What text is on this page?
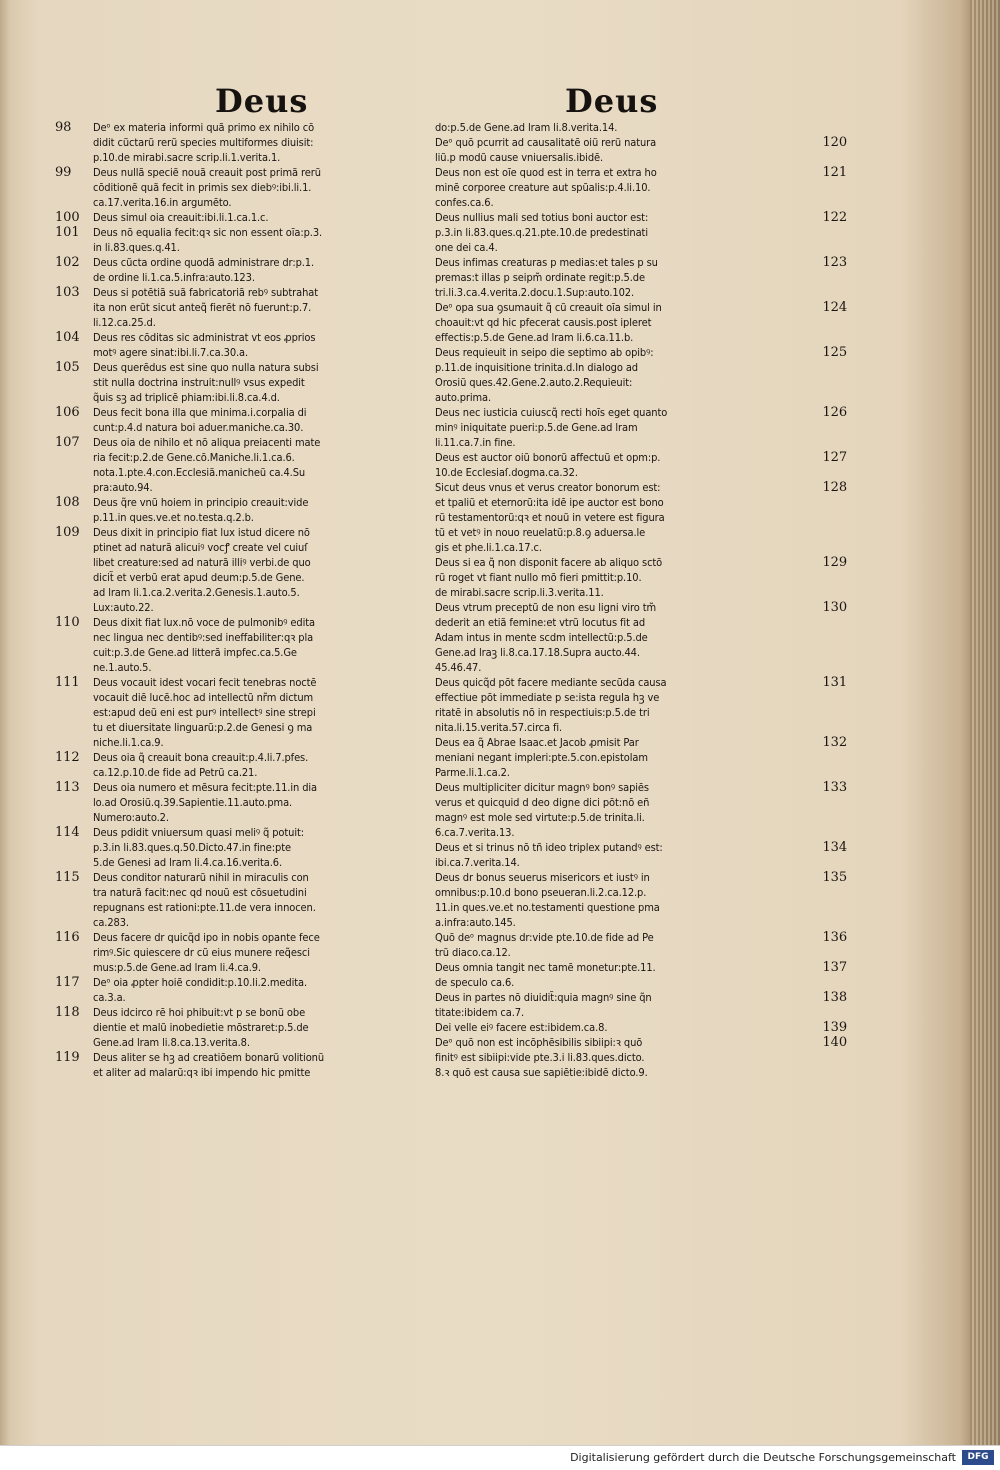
Deus	Deus
98 Deᵒ ex materia informi quã primo ex nihilo cō
didit cũctarũ rerũ species multiformes diuisit:
p.10.de mirabi.sacre scrip.li.1.verita.1.
99 Deus nullã speciẽ nouã creauit post primã rerũ
cōditionẽ quã fecit in primis sex diebꝰ:ibi.li.1.
ca.17.verita.16.in argumēto.
100 Deus simul oia creauit:ibi.li.1.ca.1.c.
101 Deus nō equalia fecit:qꝛ sic non essent oīa:p.3.
in li.83.ques.q.41.
102 Deus cũcta ordine quodã administrare dr:p.1.
de ordine li.1.ca.5.infra:auto.123.
103 Deus si potētiã suã fabricatoriã rebꝰ subtrahat
ita non erũt sicut anteq̃ fierēt nō fuerunt:p.7.
li.12.ca.25.d.
104 Deus res cōditas sic administrat vt eos ꝓprios
motꝰ agere sinat:ibi.li.7.ca.30.a.
105 Deus querēdus est sine quo nulla natura subsi
stit nulla doctrina instruit:nullꝰ vsus expedit
q̃uis sꝫ ad triplicē phiam:ibi.li.8.ca.4.d.
106 Deus fecit bona illa que minima.i.corpalia di
cunt:p.4.d natura boi aduer.maniche.ca.30.
107 Deus oia de nihilo et nō aliqua preiacenti mate
ria fecit:p.2.de Gene.cō.Maniche.li.1.ca.6.
nota.1.pte.4.con.Ecclesiã.manicheũ ca.4.Su
pra:auto.94.
108 Deus q̃re vnũ hoiem in principio creauit:vide
p.11.in ques.ve.et no.testa.q.2.b.
109 Deus dixit in principio fiat lux istud dicere nō
ptinet ad naturã alicuiꝰ vocꝭ create vel cuiuſ
libet creature:sed ad naturã illiꝰ verbi.de quo
dicit̃ et verbũ erat apud deum:p.5.de Gene.
ad lram li.1.ca.2.verita.2.Genesis.1.auto.5.
Lux:auto.22.
110 Deus dixit fiat lux.nō voce de pulmonibꝰ edita
nec lingua nec dentibꝰ:sed ineffabiliter:qꝛ pla
cuit:p.3.de Gene.ad litterã impfec.ca.5.Ge
ne.1.auto.5.
111 Deus vocauit idest vocari fecit tenebras noctē
vocauit diē lucē.hoc ad intellectũ nr̃m dictum
est:apud deũ eni est purꝰ intellectꝰ sine strepi
tu et diuersitate linguarũ:p.2.de Genesi ꝯ ma
niche.li.1.ca.9.
112 Deus oia q̃ creauit bona creauit:p.4.li.7.pfes.
ca.12.p.10.de fide ad Petrũ ca.21.
113 Deus oia numero et mẽsura fecit:pte.11.in dia
lo.ad Orosiũ.q.39.Sapientie.11.auto.pma.
Numero:auto.2.
114 Deus pdidit vniuersum quasi meliꝰ q̃ potuit:
p.3.in li.83.ques.q.50.Dicto.47.in fine:pte
5.de Genesi ad lram li.4.ca.16.verita.6.
115 Deus conditor naturarũ nihil in miraculis con
tra naturã facit:nec qd nouũ est cōsuetudini
repugnans est rationi:pte.11.de vera innocen.
ca.283.
116 Deus facere dr quicq̃d ipo in nobis opante fece
rimꝰ.Sic quiescere dr cũ eius munere req̃esci
mus:p.5.de Gene.ad lram li.4.ca.9.
117 Deᵒ oia ꝓpter hoiẽ condidit:p.10.li.2.medita.
ca.3.a.
118 Deus idcirco rē hoi phibuit:vt p se bonũ obe
dientie et malũ inobedietie mōstraret:p.5.de
Gene.ad lram li.8.ca.13.verita.8.
119 Deus aliter se hꝫ ad creatiōem bonarũ volitionũ
et aliter ad malarũ:qꝛ ibi impendo hic pmitte
do:p.5.de Gene.ad lram li.8.verita.14.
120
Deᵒ quō pcurrit ad causalitatē oiũ rerũ natura
liũ.p modũ cause vniuersalis.ibidē.
121
Deus non est oīe quod est in terra et extra ho
minē corporee creature aut spũalis:p.4.li.10.
confes.ca.6.
122
Deus nullius mali sed totius boni auctor est:
p.3.in li.83.ques.q.21.pte.10.de predestinati
one dei ca.4.
123
Deus infimas creaturas p medias:et tales p su
premas:t illas p seipm̃ ordinate regit:p.5.de
tri.li.3.ca.4.verita.2.docu.1.Sup:auto.102.
124
Deᵒ opa sua ꝯsumauit q̃ cũ creauit oīa simul in
choauit:vt qd hic pfecerat causis.post ipleret
effectis:p.5.de Gene.ad lram li.6.ca.11.b.
125
Deus requieuit in seipo die septimo ab opibꝰ:
p.11.de inquisitione trinita.d.In dialogo ad
Orosiũ ques.42.Gene.2.auto.2.Requieuit:
auto.prima.
126
Deus nec iusticia cuiuscq̃ recti hoīs eget quanto
minꝰ iniquitate pueri:p.5.de Gene.ad lram
li.11.ca.7.in fine.
127
Deus est auctor oiũ bonorũ affectuũ et opm:p.
10.de Ecclesiaſ.dogma.ca.32.
128
Sicut deus vnus et verus creator bonorum est:
et tpaliũ et eternorũ:ita idē ipe auctor est bono
rũ testamentorũ:qꝛ et nouũ in vetere est figura
tũ et vetꝰ in nouo reuelatũ:p.8.ꝯ aduersa.le
gis et phe.li.1.ca.17.c.
129
Deus si ea q̃ non disponit facere ab aliquo sctō
rũ roget vt fiant nullo mō fieri pmittit:p.10.
de mirabi.sacre scrip.li.3.verita.11.
130
Deus vtrum preceptũ de non esu ligni viro tm̃
dederit an etiã femine:et vtrũ locutus fit ad
Adam intus in mente scdm intellectũ:p.5.de
Gene.ad lraꝫ li.8.ca.17.18.Supra aucto.44.
45.46.47.
131
Deus quicq̃d pōt facere mediante secũda causa
effectiue pōt immediate p se:ista regula hꝫ ve
ritatē in absolutis nō in respectiuis:p.5.de tri
nita.li.15.verita.57.circa fi.
132
Deus ea q̃ Abrae Isaac.et Jacob ꝓmisit Par
meniani negant impleri:pte.5.con.epistolam
Parme.li.1.ca.2.
133
Deus multipliciter dicitur magnꝰ bonꝰ sapiēs
verus et quicquid d deo digne dici pōt:nō eñ
magnꝰ est mole sed virtute:p.5.de trinita.li.
6.ca.7.verita.13.
134
Deus et si trinus nō tñ ideo triplex putandꝰ est:
ibi.ca.7.verita.14.
135
Deus dr bonus seuerus misericors et iustꝰ in
omnibus:p.10.d bono pseueran.li.2.ca.12.p.
11.in ques.ve.et no.testamenti questione pma
a.infra:auto.145.
136
Quō deᵒ magnus dr:vide pte.10.de fide ad Pe
trũ diaco.ca.12.
137
Deus omnia tangit nec tamē monetur:pte.11.
de speculo ca.6.
138
Deus in partes nō diuidit̃:quia magnꝰ sine q̃n
titate:ibidem ca.7.
139
Dei velle eiꝰ facere est:ibidem.ca.8.
140
Deᵒ quō non est incōphēsibilis sibiipi:ꝛ quō
finitꝰ est sibiipi:vide pte.3.i li.83.ques.dicto.
8.ꝛ quō est causa sue sapiētie:ibidē dicto.9.
Digitalisierung gefördert durch die Deutsche Forschungsgemeinschaft	DFG
